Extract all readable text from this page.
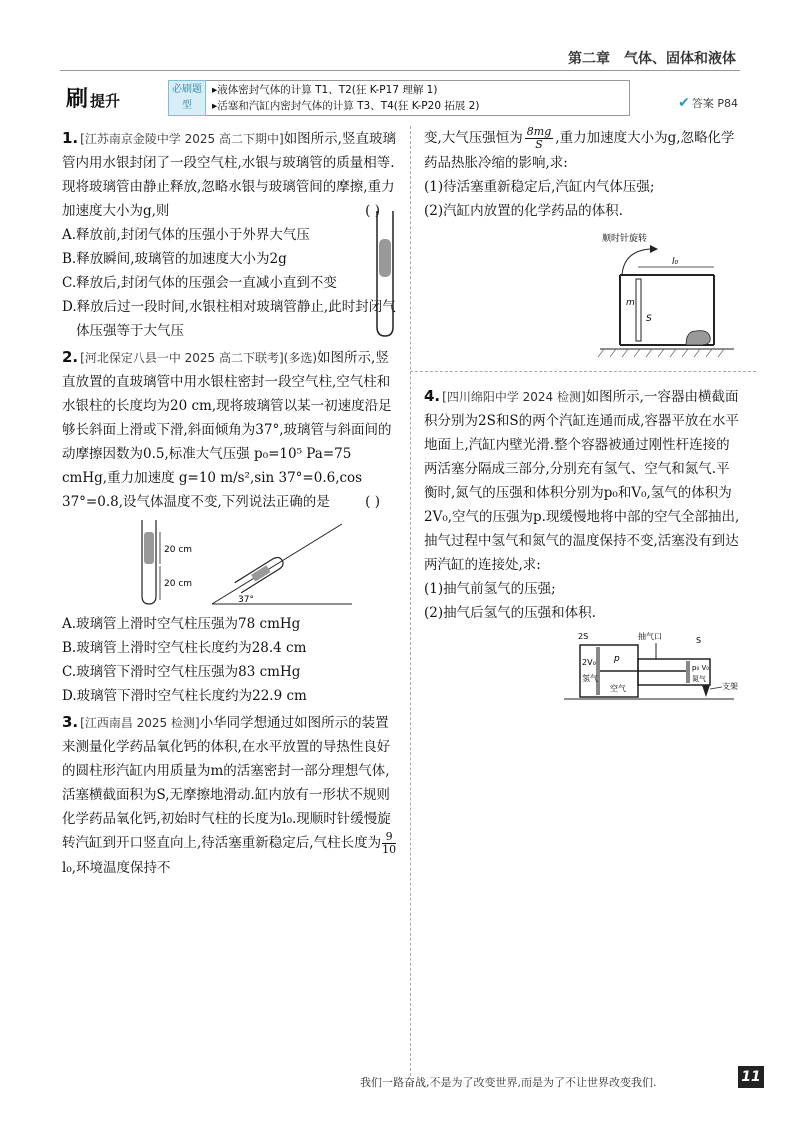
第二章　气体、固体和液体
刷 提升
必刷题型
▸液体密封气体的计算 T1、T2(狂 K-P17 理解 1)
▸活塞和汽缸内密封气体的计算 T3、T4(狂 K-P20 拓展 2)	✔ 答案 P84
1. [江苏南京金陵中学 2025 高二下期中]如图所示,竖直玻璃管内用水银封闭了一段空气柱,水银与玻璃管的质量相等.现将玻璃管由静止释放,忽略水银与玻璃管间的摩擦,重力加速度大小为g,则	( )
A.释放前,封闭气体的压强小于外界大气压
B.释放瞬间,玻璃管的加速度大小为2g
C.释放后,封闭气体的压强会一直减小直到不变
D.释放后过一段时间,水银柱相对玻璃管静止,此时封闭气体压强等于大气压
2. [河北保定八县一中 2025 高二下联考](多选)如图所示,竖直放置的直玻璃管中用水银柱密封一段空气柱,空气柱和水银柱的长度均为20 cm,现将玻璃管以某一初速度沿足够长斜面上滑或下滑,斜面倾角为37°,玻璃管与斜面间的动摩擦因数为0.5,标准大气压强 p₀=10⁵ Pa=75 cmHg,重力加速度 g=10 m/s²,sin 37°=0.6,cos 37°=0.8,设气体温度不变,下列说法正确的是	( )
20 cm
20 cm
37°
A.玻璃管上滑时空气柱压强为78 cmHg
B.玻璃管上滑时空气柱长度约为28.4 cm
C.玻璃管下滑时空气柱压强为83 cmHg
D.玻璃管下滑时空气柱长度约为22.9 cm
3. [江西南昌 2025 检测]小华同学想通过如图所示的装置来测量化学药品氧化钙的体积,在水平放置的导热性良好的圆柱形汽缸内用质量为m的活塞密封一部分理想气体,活塞横截面积为S,无摩擦地滑动.缸内放有一形状不规则化学药品氧化钙,初始时气柱的长度为l₀.现顺时针缓慢旋转汽缸到开口竖直向上,待活塞重新稳定后,气柱长度为 $\frac{9}{10}$
l₀,环境温度保持不
变,大气压强恒为 $\frac{8mg}{S}$ ,重力加速度大小为g,忽略化学药品热胀冷缩的影响,求:
(1)待活塞重新稳定后,汽缸内气体压强;
(2)汽缸内放置的化学药品的体积.
顺时针旋转
l₀
m
S
4. [四川绵阳中学 2024 检测]如图所示,一容器由横截面积分别为2S和S的两个汽缸连通而成,容器平放在水平地面上,汽缸内壁光滑.整个容器被通过刚性杆连接的两活塞分隔成三部分,分别充有氢气、空气和氮气.平衡时,氮气的压强和体积分别为p₀和V₀,氢气的体积为2V₀,空气的压强为p.现缓慢地将中部的空气全部抽出,抽气过程中氢气和氮气的温度保持不变,活塞没有到达两汽缸的连接处,求:
(1)抽气前氢气的压强;
(2)抽气后氢气的压强和体积.
2S	抽气口	S
2V₀ p
p₀ V₀
氢气
空气
氮气
支架
我们一路奋战,不是为了改变世界,而是为了不让世界改变我们.	11
